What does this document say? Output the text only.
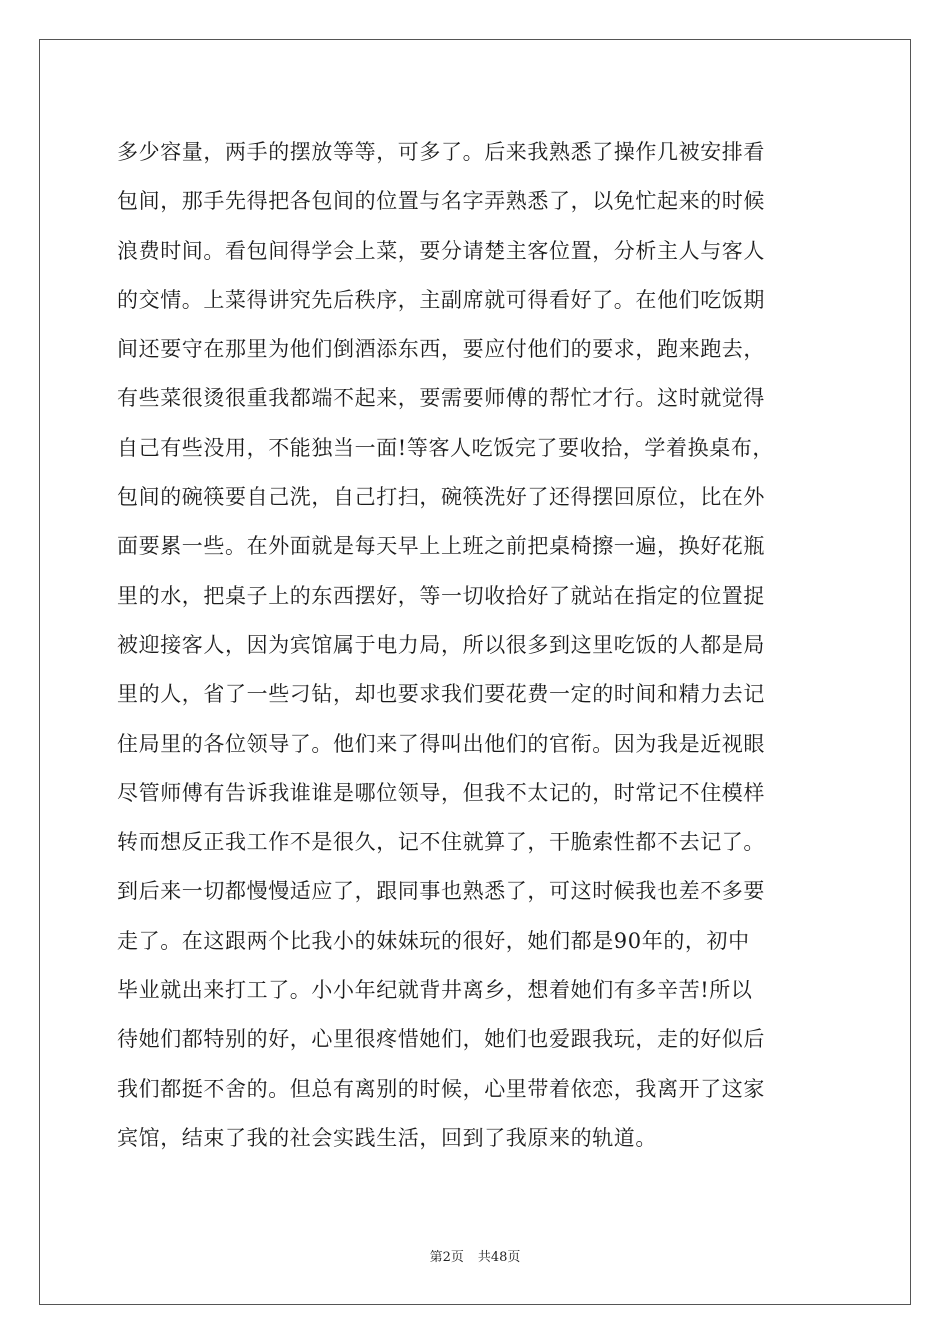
多少容量，两手的摆放等等，可多了。后来我熟悉了操作几被安排看
包间，那手先得把各包间的位置与名字弄熟悉了，以免忙起来的时候
浪费时间。看包间得学会上菜，要分请楚主客位置，分析主人与客人
的交情。上菜得讲究先后秩序，主副席就可得看好了。在他们吃饭期
间还要守在那里为他们倒酒添东西，要应付他们的要求，跑来跑去，
有些菜很烫很重我都端不起来，要需要师傅的帮忙才行。这时就觉得
自己有些没用，不能独当一面!等客人吃饭完了要收拾，学着换桌布，
包间的碗筷要自己洗，自己打扫，碗筷洗好了还得摆回原位，比在外
面要累一些。在外面就是每天早上上班之前把桌椅擦一遍，换好花瓶
里的水，把桌子上的东西摆好，等一切收拾好了就站在指定的位置捉
被迎接客人，因为宾馆属于电力局，所以很多到这里吃饭的人都是局
里的人，省了一些刁钻，却也要求我们要花费一定的时间和精力去记
住局里的各位领导了。他们来了得叫出他们的官衔。因为我是近视眼
尽管师傅有告诉我谁谁是哪位领导，但我不太记的，时常记不住模样
转而想反正我工作不是很久，记不住就算了，干脆索性都不去记了。
到后来一切都慢慢适应了，跟同事也熟悉了，可这时候我也差不多要
走了。在这跟两个比我小的妹妹玩的很好，她们都是90年的，初中
毕业就出来打工了。小小年纪就背井离乡，想着她们有多辛苦!所以
待她们都特别的好，心里很疼惜她们，她们也爱跟我玩，走的好似后
我们都挺不舍的。但总有离别的时候，心里带着依恋，我离开了这家
宾馆，结束了我的社会实践生活，回到了我原来的轨道。
第2页 共48页
